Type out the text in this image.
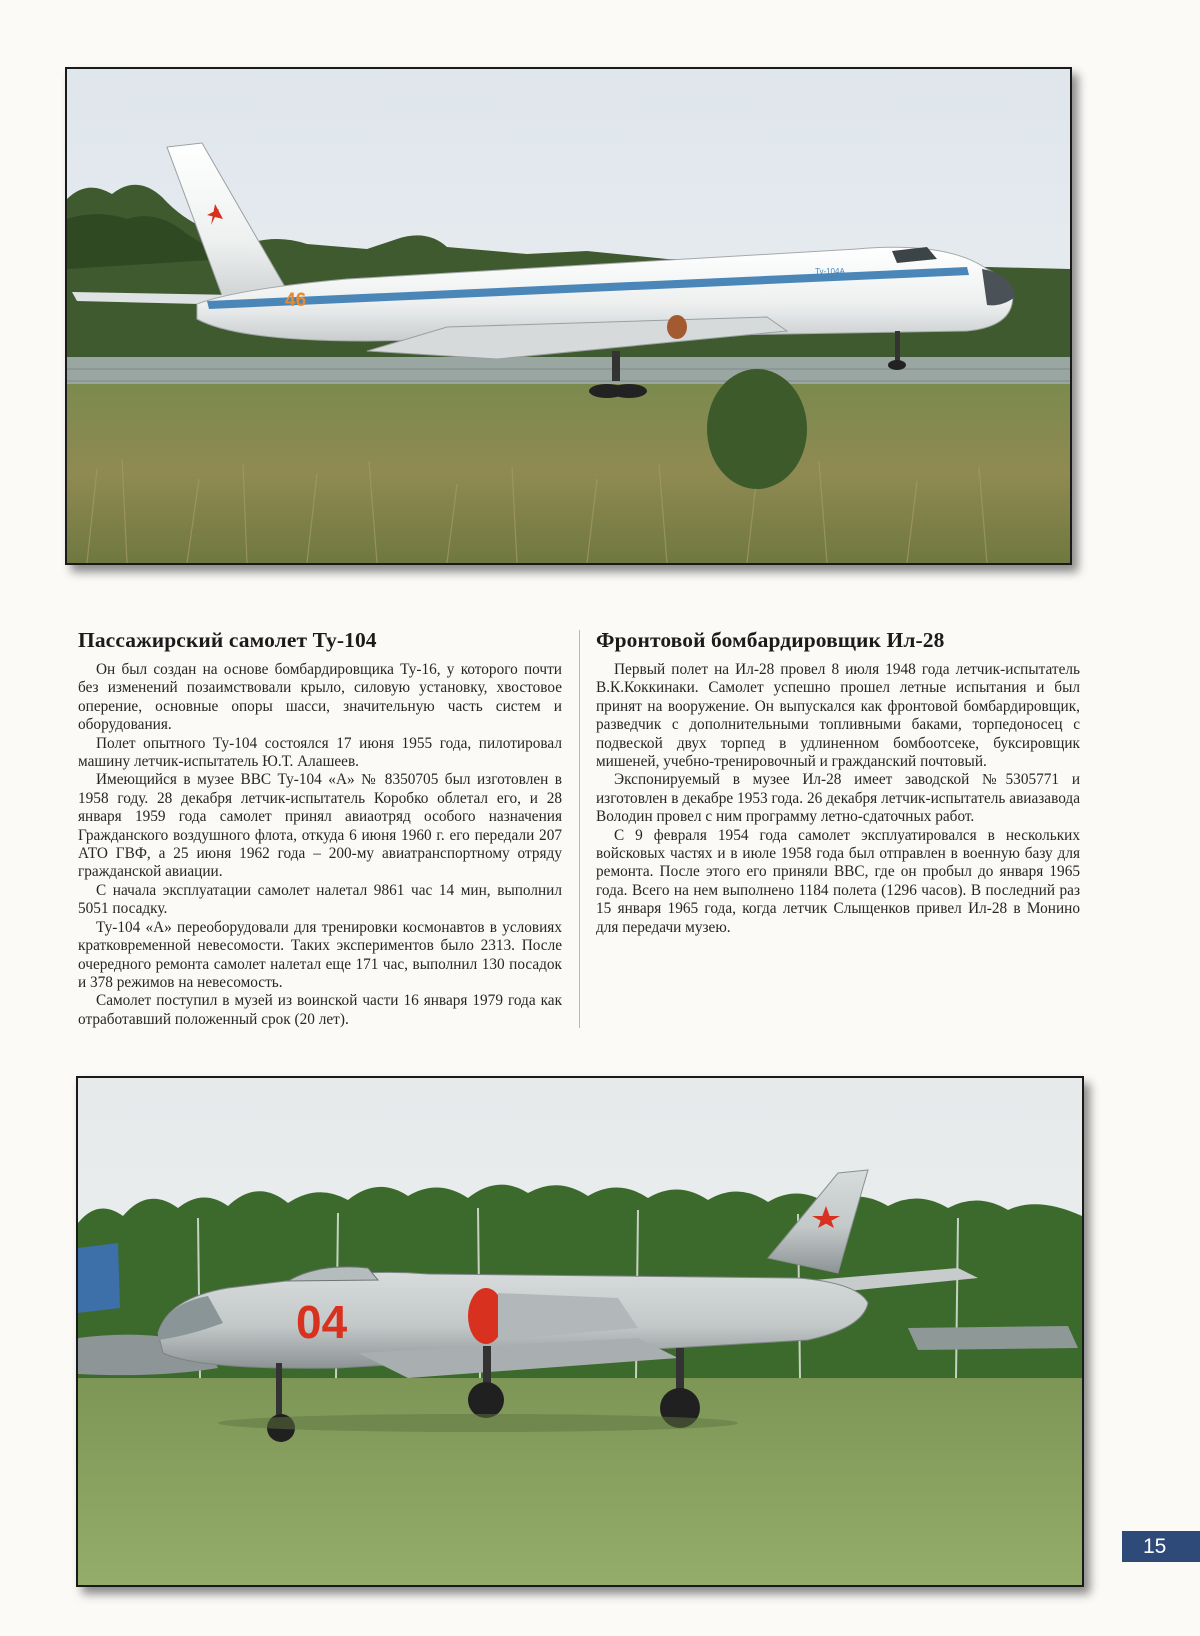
46
Ту-104А
Пассажирский самолет Ту-104

Он был создан на основе бомбардировщика Ту-16, у которого почти без изменений позаимствовали крыло, силовую установку, хвостовое оперение, основные опоры шасси, значительную часть систем и оборудования.

Полет опытного Ту-104 состоялся 17 июня 1955 года, пилотировал машину летчик-испытатель Ю.Т. Алашеев.

Имеющийся в музее ВВС Ту-104 «А» № 8350705 был изготовлен в 1958 году. 28 декабря летчик-испытатель Коробко облетал его, и 28 января 1959 года самолет принял авиаотряд особого назначения Гражданского воздушного флота, откуда 6 июня 1960 г. его передали 207 АТО ГВФ, а 25 июня 1962 года – 200-му авиатранспортному отряду гражданской авиации.

С начала эксплуатации самолет налетал 9861 час 14 мин, выполнил 5051 посадку.

Ту-104 «А» переоборудовали для тренировки космонавтов в условиях кратковременной невесомости. Таких экспериментов было 2313. После очередного ремонта самолет налетал еще 171 час, выполнил 130 посадок и 378 режимов на невесомость.

Самолет поступил в музей из воинской части 16 января 1979 года как отработавший положенный срок (20 лет).

Фронтовой бомбардировщик Ил-28

Первый полет на Ил-28 провел 8 июля 1948 года летчик-испытатель В.К.Коккинаки. Самолет успешно прошел летные испытания и был принят на вооружение. Он выпускался как фронтовой бомбардировщик, разведчик с дополнительными топливными баками, торпедоносец с подвеской двух торпед в удлиненном бомбоотсеке, буксировщик мишеней, учебно-тренировочный и гражданский почтовый.

Экспонируемый в музее Ил-28 имеет заводской №5305771 и изготовлен в декабре 1953 года. 26 декабря летчик-испытатель авиазавода Володин провел с ним программу летно-сдаточных работ.

С 9 февраля 1954 года самолет эксплуатировался в нескольких войсковых частях и в июле 1958 года был отправлен в военную базу для ремонта. После этого его приняли ВВС, где он пробыл до января 1965 года. Всего на нем выполнено 1184 полета (1296 часов). В последний раз 15 января 1965 года, когда летчик Слыщенков привел Ил-28 в Монино для передачи музею.

04
15
